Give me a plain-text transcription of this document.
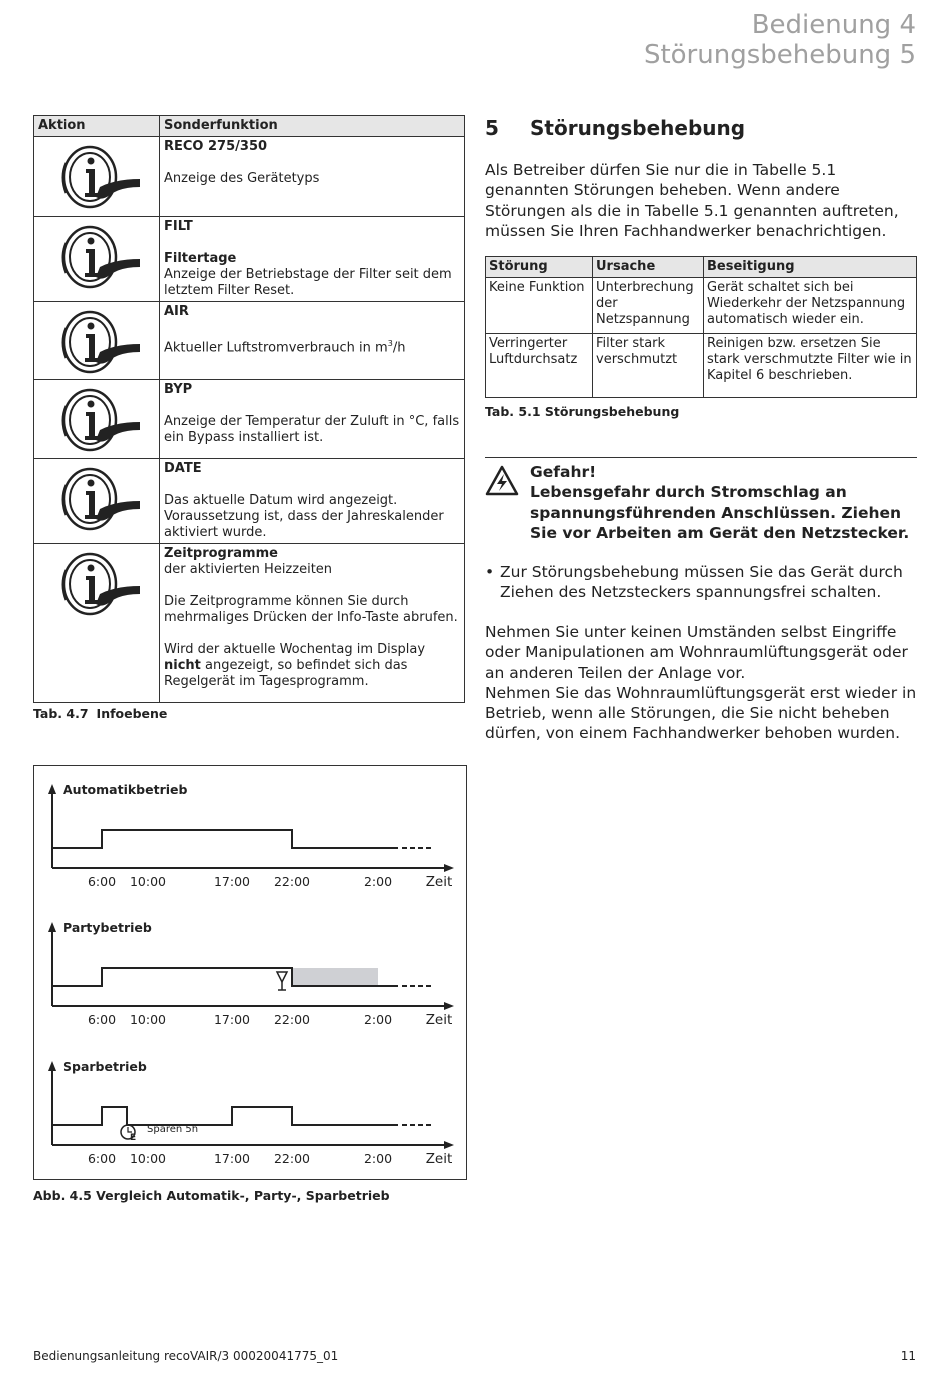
Bedienung 4
Störungsbehebung 5
Aktion	Sonderfunktion

RECO 275/350
Anzeige des Gerätetyps

FILT
Filtertage
Anzeige der Betriebstage der Filter seit dem letztem Filter Reset.

AIR
Aktueller Luftstromverbrauch in $m^3/h$

BYP
Anzeige der Temperatur der Zuluft in °C, falls ein Bypass installiert ist.

DATE
Das aktuelle Datum wird angezeigt. Voraussetzung ist, dass der Jahreskalender aktiviert wurde.

Zeitprogramme
der aktivierten Heizzeiten
Die Zeitprogramme können Sie durch mehrmaliges Drücken der Info-Taste abrufen.
Wird der aktuelle Wochentag im Display nicht angezeigt, so befindet sich das Regelgerät im Tagesprogramm.
Tab. 4.7 Infoebene
5 Störungsbehebung
Als Betreiber dürfen Sie nur die in Tabelle 5.1 genannten Störungen beheben. Wenn andere Störungen als die in Tabelle 5.1 genannten auftreten, müssen Sie Ihren Fachhandwerker benachrichtigen.
Störung	Ursache	Beseitigung
Keine Funktion	Unterbrechung der Netzspannung	Gerät schaltet sich bei Wiederkehr der Netzspannung automatisch wieder ein.
Verringerter Luftdurchsatz	Filter stark verschmutzt	Reinigen bzw. ersetzen Sie stark verschmutzte Filter wie in Kapitel 6 beschrieben.
Tab. 5.1 Störungsbehebung
Gefahr!
Lebensgefahr durch Stromschlag an spannungsführenden Anschlüssen. Ziehen Sie vor Arbeiten am Gerät den Netzstecker.
• Zur Störungsbehebung müssen Sie das Gerät durch Ziehen des Netzsteckers spannungsfrei schalten.
Nehmen Sie unter keinen Umständen selbst Eingriffe oder Manipulationen am Wohnraumlüftungsgerät oder an anderen Teilen der Anlage vor.
Nehmen Sie das Wohnraumlüftungsgerät erst wieder in Betrieb, wenn alle Störungen, die Sie nicht beheben dürfen, von einem Fachhandwerker behoben wurden.
Automatikbetrieb
6:00 10:00	17:00 22:00	2:00 Zeit
Partybetrieb
6:00 10:00	17:00 22:00	2:00 Zeit
Sparbetrieb
6:00 10:00	17:00 22:00	2:00 Zeit
E
Sparen 5h
Abb. 4.5 Vergleich Automatik-, Party-, Sparbetrieb
Bedienungsanleitung recoVAIR/3 00020041775_01	11
